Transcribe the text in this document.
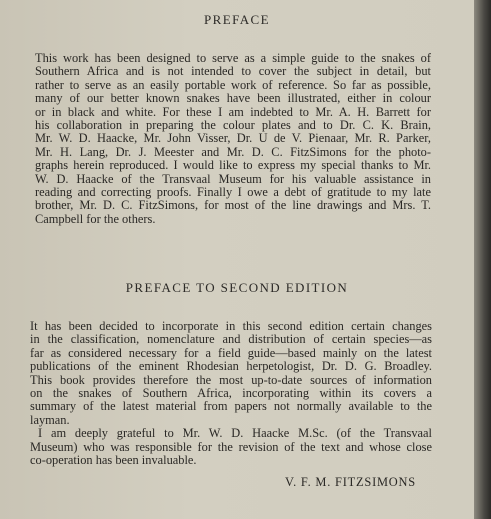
PREFACE
This work has been designed to serve as a simple guide to the snakes of
Southern Africa and is not intended to cover the subject in detail, but
rather to serve as an easily portable work of reference. So far as possible,
many of our better known snakes have been illustrated, either in colour
or in black and white. For these I am indebted to Mr. A. H. Barrett for
his collaboration in preparing the colour plates and to Dr. C. K. Brain,
Mr. W. D. Haacke, Mr. John Visser, Dr. U de V. Pienaar, Mr. R. Parker,
Mr. H. Lang, Dr. J. Meester and Mr. D. C. FitzSimons for the photo-
graphs herein reproduced. I would like to express my special thanks to Mr.
W. D. Haacke of the Transvaal Museum for his valuable assistance in
reading and correcting proofs. Finally I owe a debt of gratitude to my late
brother, Mr. D. C. FitzSimons, for most of the line drawings and Mrs. T.
Campbell for the others.
PREFACE TO SECOND EDITION
It has been decided to incorporate in this second edition certain changes
in the classification, nomenclature and distribution of certain species—as
far as considered necessary for a field guide—based mainly on the latest
publications of the eminent Rhodesian herpetologist, Dr. D. G. Broadley.
This book provides therefore the most up-to-date sources of information
on the snakes of Southern Africa, incorporating within its covers a
summary of the latest material from papers not normally available to the
layman.
I am deeply grateful to Mr. W. D. Haacke M.Sc. (of the Transvaal
Museum) who was responsible for the revision of the text and whose close
co-operation has been invaluable.
V. F. M. FITZSIMONS
